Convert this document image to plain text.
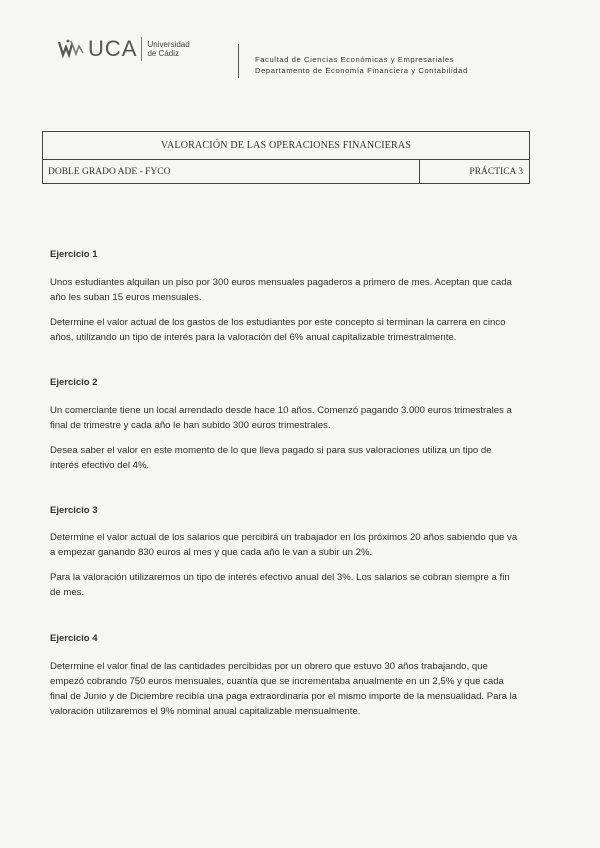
UCA Universidad
de Cádiz
Facultad de Ciencias Económicas y Empresariales
Departamento de Economía Financiera y Contabilidad
VALORACIÓN DE LAS OPERACIONES FINANCIERAS
DOBLE GRADO ADE - FYCO	PRÁCTICA 3
Ejercicio 1

Unos estudiantes alquilan un piso por 300 euros mensuales pagaderos a primero de mes. Aceptan que cada año les suban 15 euros mensuales.

Determine el valor actual de los gastos de los estudiantes por este concepto si terminan la carrera en cinco años, utilizando un tipo de interés para la valoración del 6% anual capitalizable trimestralmente.

Ejercicio 2

Un comerciante tiene un local arrendado desde hace 10 años. Comenzó pagando 3.000 euros trimestrales a final de trimestre y cada año le han subido 300 euros trimestrales.

Desea saber el valor en este momento de lo que lleva pagado si para sus valoraciones utiliza un tipo de interés efectivo del 4%.

Ejercicio 3

Determine el valor actual de los salarios que percibirá un trabajador en los próximos 20 años sabiendo que va a empezar ganando 830 euros al mes y que cada año le van a subir un 2%.

Para la valoración utilizaremos un tipo de interés efectivo anual del 3%. Los salarios se cobran siempre a fin de mes.

Ejercicio 4

Determine el valor final de las cantidades percibidas por un obrero que estuvo 30 años trabajando, que empezó cobrando 750 euros mensuales, cuantía que se incrementaba anualmente en un 2,5% y que cada final de Junio y de Diciembre recibía una paga extraordinaria por el mismo importe de la mensualidad. Para la valoración utilizaremos el 9% nominal anual capitalizable mensualmente.
